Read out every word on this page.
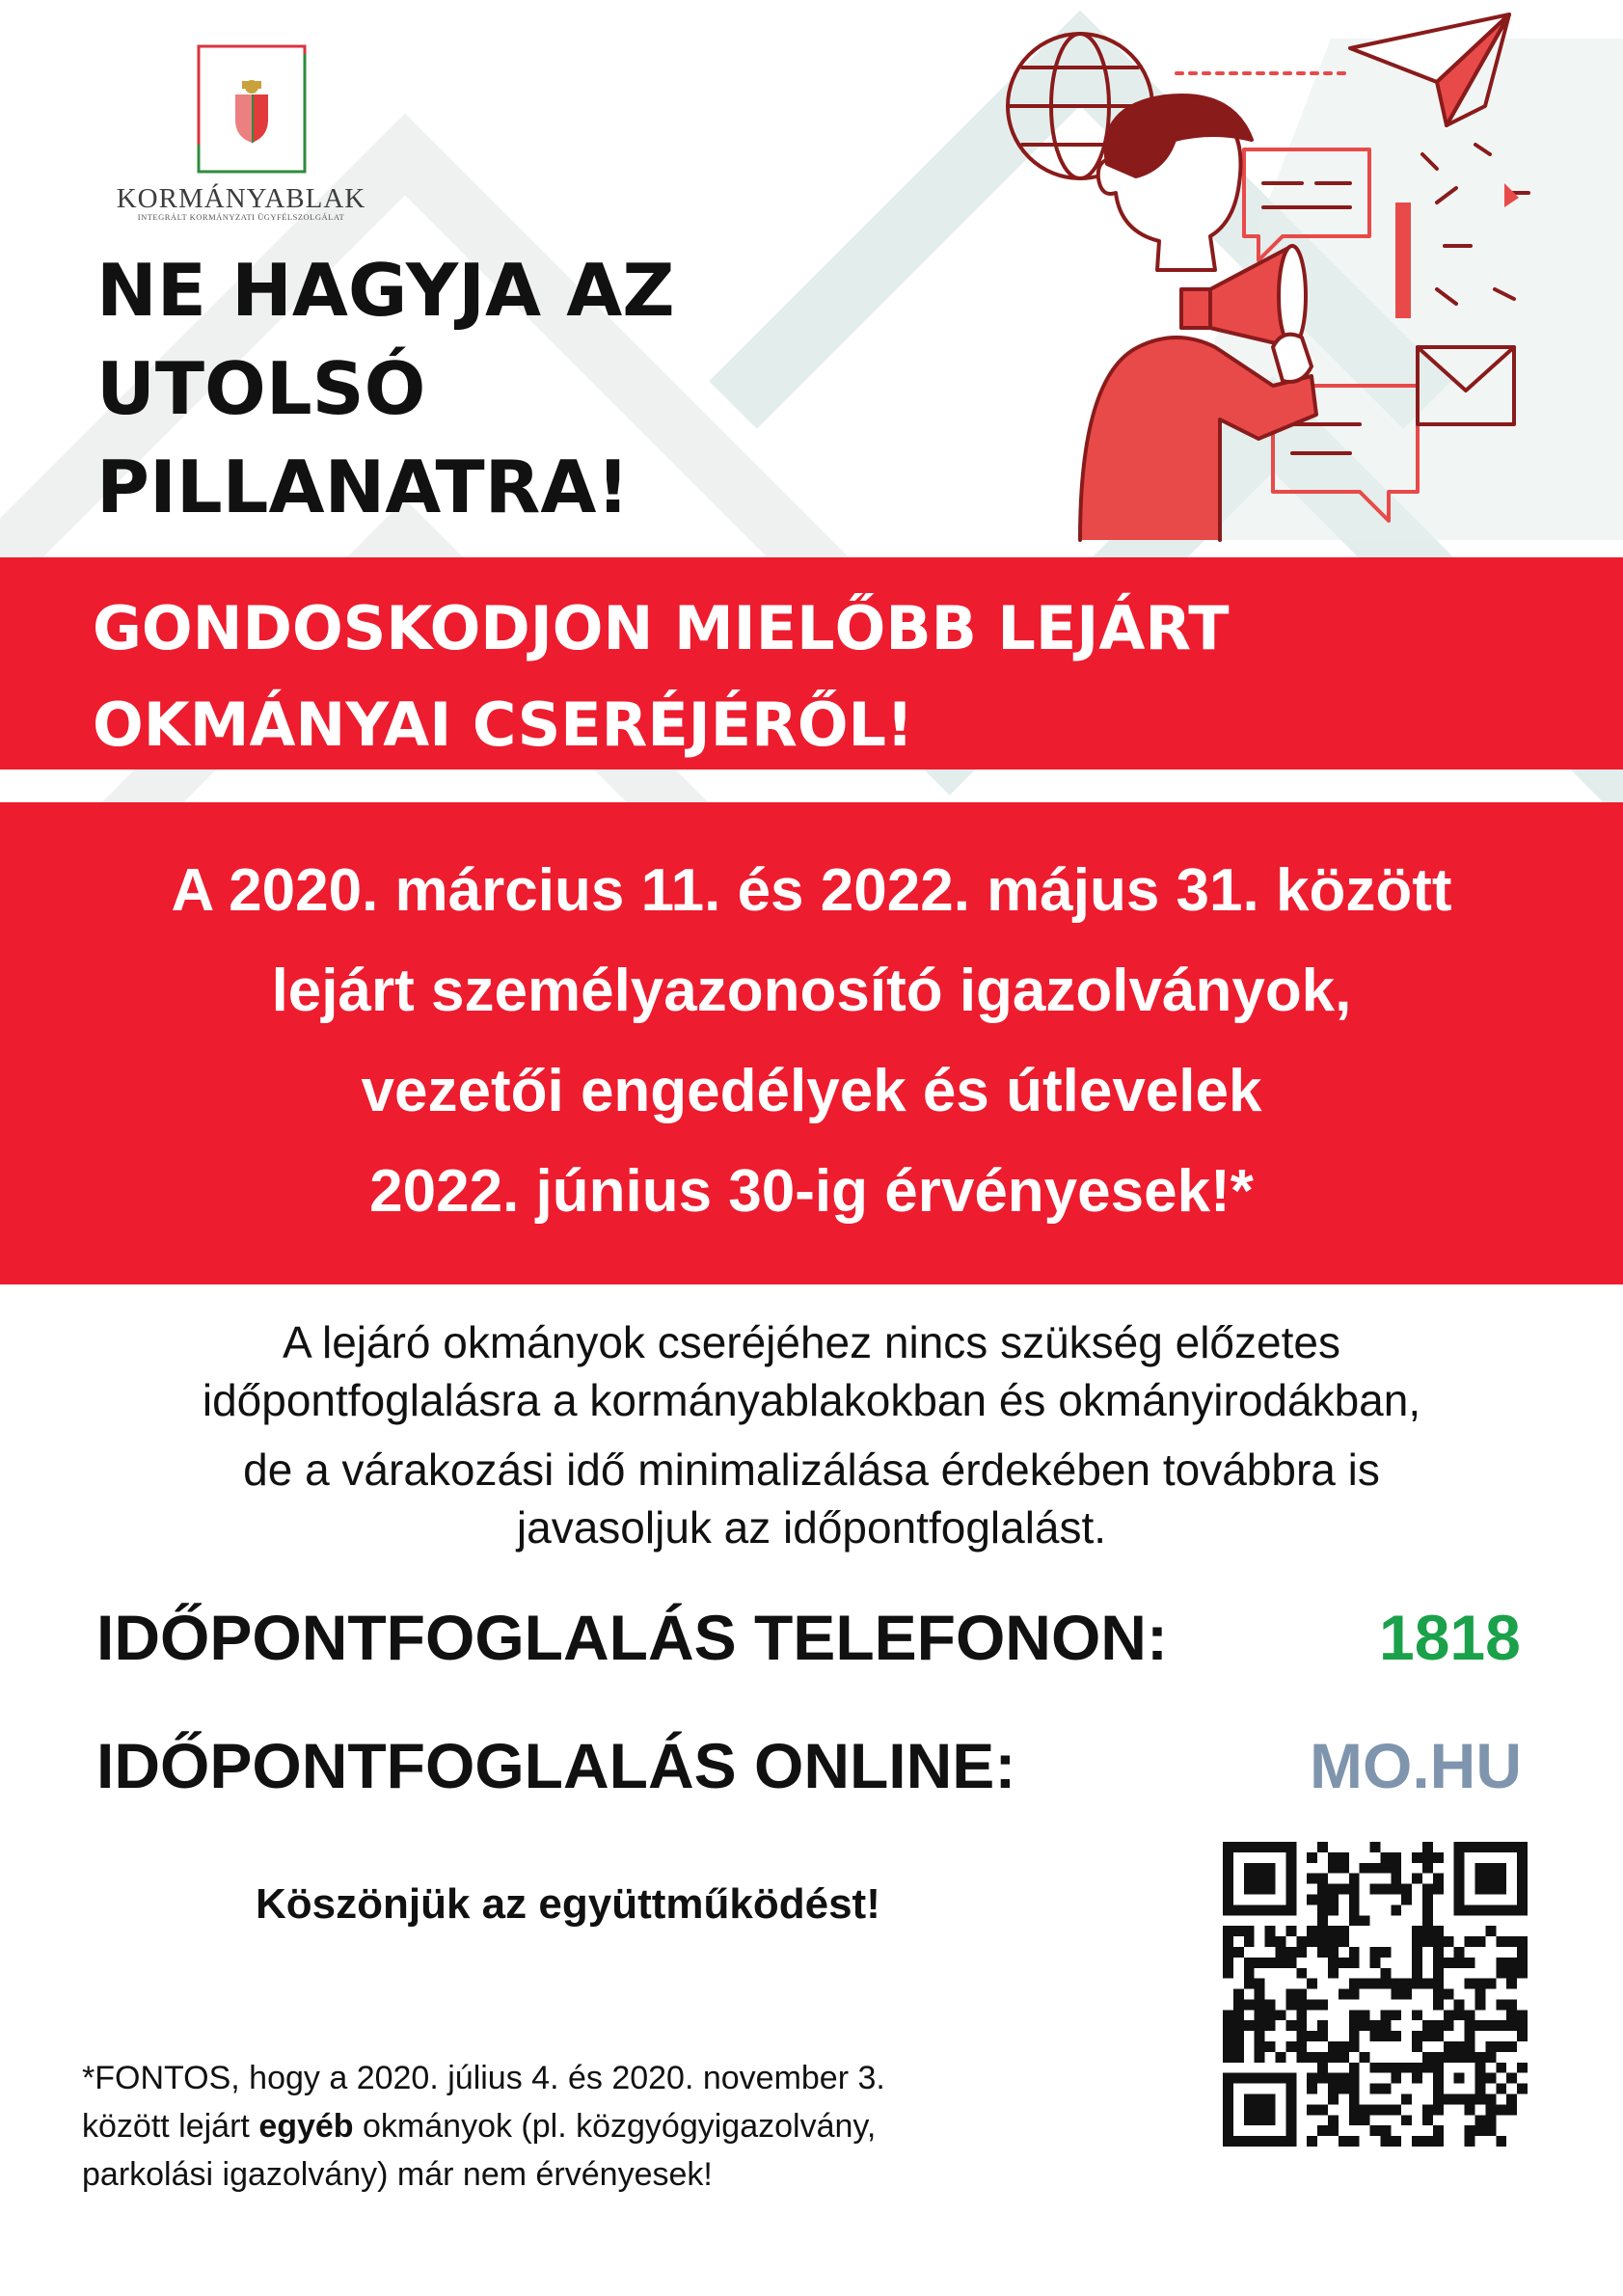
KORMÁNYABLAK
INTEGRÁLT KORMÁNYZATI ÜGYFÉLSZOLGÁLAT
NE HAGYJA AZ
UTOLSÓ
PILLANATRA!
GONDOSKODJON MIELŐBB LEJÁRT
OKMÁNYAI CSERÉJÉRŐL!
A 2020. március 11. és 2022. május 31. között
lejárt személyazonosító igazolványok,
vezetői engedélyek és útlevelek
2022. június 30-ig érvényesek!*
A lejáró okmányok cseréjéhez nincs szükség előzetes
időpontfoglalásra a kormányablakokban és okmányirodákban,
de a várakozási idő minimalizálása érdekében továbbra is
javasoljuk az időpontfoglalást.
IDŐPONTFOGLALÁS TELEFONON:	1818
IDŐPONTFOGLALÁS ONLINE:	MO.HU
Köszönjük az együttműködést!
*FONTOS, hogy a 2020. július 4. és 2020. november 3.
között lejárt egyéb okmányok (pl. közgyógyigazolvány,
parkolási igazolvány) már nem érvényesek!
